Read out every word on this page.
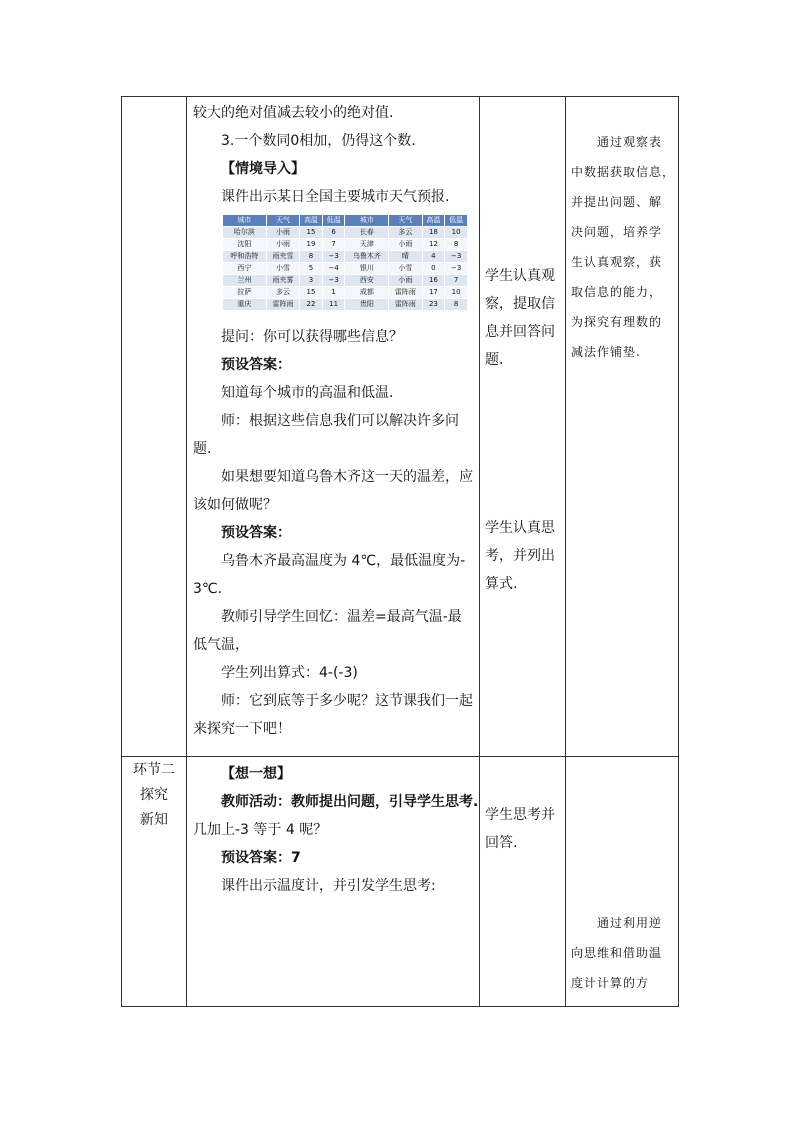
较大的绝对值减去较小的绝对值.

3.一个数同0相加，仍得这个数.

【情境导入】

课件出示某日全国主要城市天气预报.

城市	天气	高温	低温	城市	天气	高温	低温
哈尔滨	小雨	15	6	长春	多云	18	10
沈阳	小雨	19	7	天津	小雨	12	8
呼和浩特	雨夹雪	8	−3	乌鲁木齐	晴	4	−3
西宁	小雪	5	−4	银川	小雪	0	−3
兰州	雨夹雾	3	−3	西安	小雨	16	7
拉萨	多云	15	1	成都	雷阵雨	17	10
重庆	雷阵雨	22	11	贵阳	雷阵雨	23	8

提问：你可以获得哪些信息？

预设答案：

知道每个城市的高温和低温.

师：根据这些信息我们可以解决许多问

题.

如果想要知道乌鲁木齐这一天的温差，应

该如何做呢？

预设答案：

乌鲁木齐最高温度为 4℃，最低温度为-

3℃.

教师引导学生回忆：温差=最高气温-最

低气温，

学生列出算式：4-(-3)

师：它到底等于多少呢？这节课我们一起

来探究一下吧！

学生认真观

察，提取信

息并回答问

题.

学生认真思

考，并列出

算式.

通过观察表

中数据获取信息，

并提出问题、解

决问题，培养学

生认真观察，获

取信息的能力，

为探究有理数的

减法作铺垫.

环节二
探究
新知

【想一想】

教师活动：教师提出问题，引导学生思考.

几加上-3 等于 4 呢？

预设答案：7

课件出示温度计，并引发学生思考:

学生思考并

回答.

通过利用逆

向思维和借助温

度计计算的方
